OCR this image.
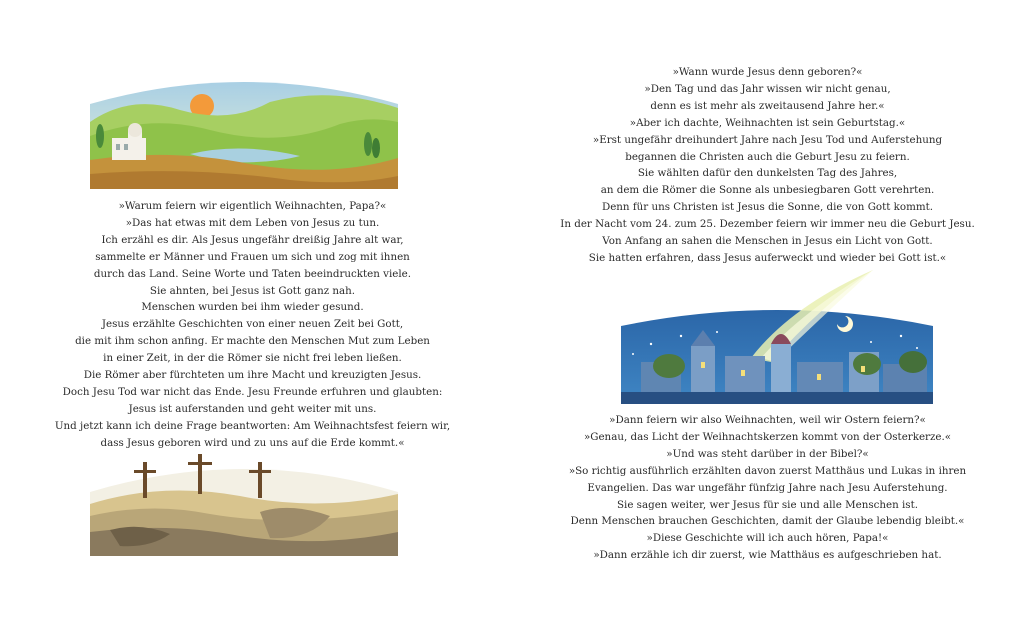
»Warum feiern wir eigentlich Weihnachten, Papa?«
»Das hat etwas mit dem Leben von Jesus zu tun.
Ich erzähl es dir. Als Jesus ungefähr dreißig Jahre alt war,
sammelte er Männer und Frauen um sich und zog mit ihnen
durch das Land. Seine Worte und Taten beeindruckten viele.
Sie ahnten, bei Jesus ist Gott ganz nah.
Menschen wurden bei ihm wieder gesund.
Jesus erzählte Geschichten von einer neuen Zeit bei Gott,
die mit ihm schon anfing. Er machte den Menschen Mut zum Leben
in einer Zeit, in der die Römer sie nicht frei leben ließen.
Die Römer aber fürchteten um ihre Macht und kreuzigten Jesus.
Doch Jesu Tod war nicht das Ende. Jesu Freunde erfuhren und glaubten:
Jesus ist auferstanden und geht weiter mit uns.
Und jetzt kann ich deine Frage beantworten: Am Weihnachtsfest feiern wir,
dass Jesus geboren wird und zu uns auf die Erde kommt.«
»Wann wurde Jesus denn geboren?«
»Den Tag und das Jahr wissen wir nicht genau,
denn es ist mehr als zweitausend Jahre her.«
»Aber ich dachte, Weihnachten ist sein Geburtstag.«
»Erst ungefähr dreihundert Jahre nach Jesu Tod und Auferstehung
begannen die Christen auch die Geburt Jesu zu feiern.
Sie wählten dafür den dunkelsten Tag des Jahres,
an dem die Römer die Sonne als unbesiegbaren Gott verehrten.
Denn für uns Christen ist Jesus die Sonne, die von Gott kommt.
In der Nacht vom 24. zum 25. Dezember feiern wir immer neu die Geburt Jesu.
Von Anfang an sahen die Menschen in Jesus ein Licht von Gott.
Sie hatten erfahren, dass Jesus auferweckt und wieder bei Gott ist.«
»Dann feiern wir also Weihnachten, weil wir Ostern feiern?«
»Genau, das Licht der Weihnachtskerzen kommt von der Osterkerze.«
»Und was steht darüber in der Bibel?«
»So richtig ausführlich erzählten davon zuerst Matthäus und Lukas in ihren
Evangelien. Das war ungefähr fünfzig Jahre nach Jesu Auferstehung.
Sie sagen weiter, wer Jesus für sie und alle Menschen ist.
Denn Menschen brauchen Geschichten, damit der Glaube lebendig bleibt.«
»Diese Geschichte will ich auch hören, Papa!«
»Dann erzähle ich dir zuerst, wie Matthäus es aufgeschrieben hat.
